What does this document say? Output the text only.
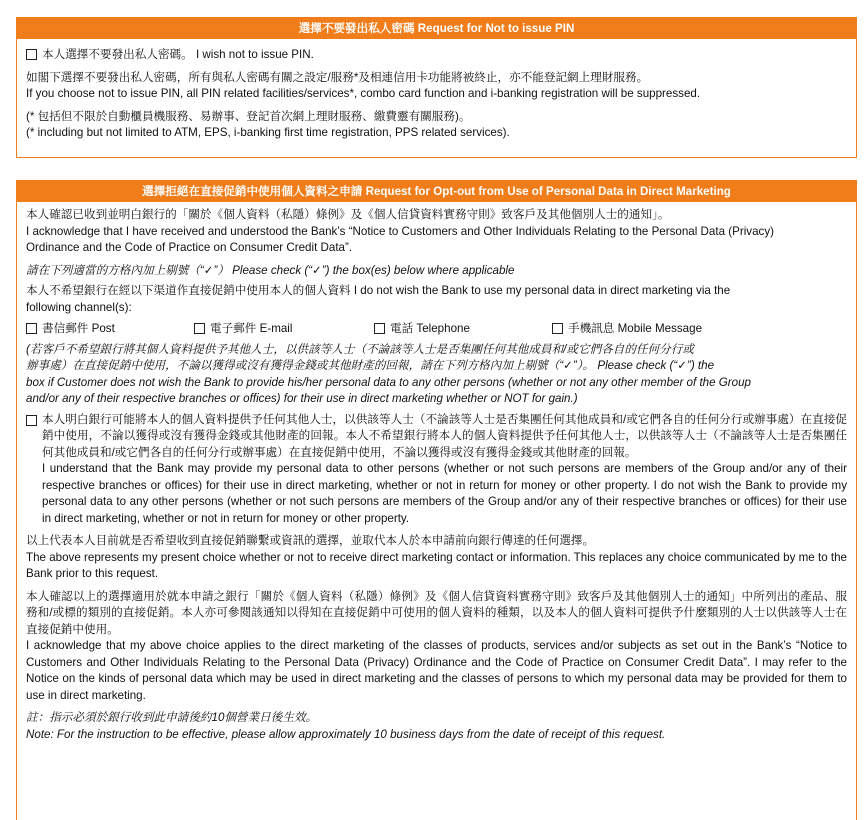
選擇不要發出私人密碼 Request for Not to issue PIN
本人選擇不要發出私人密碼。 I wish not to issue PIN.
如閣下選擇不要發出私人密碼，所有與私人密碼有關之設定/服務*及相連信用卡功能將被終止，亦不能登記網上理財服務。
If you choose not to issue PIN, all PIN related facilities/services*, combo card function and i-banking registration will be suppressed.
(* 包括但不限於自動櫃員機服務、易辦事、登記首次網上理財服務、繳費靈有關服務)。
(* including but not limited to ATM, EPS, i-banking first time registration, PPS related services).
選擇拒絕在直接促銷中使用個人資料之申請 Request for Opt-out from Use of Personal Data in Direct Marketing
本人確認已收到並明白銀行的「關於《個人資料（私隱）條例》及《個人信貸資料實務守則》致客戶及其他個別人士的通知」。
I acknowledge that I have received and understood the Bank’s “Notice to Customers and Other Individuals Relating to the Personal Data (Privacy)
Ordinance and the Code of Practice on Consumer Credit Data”.
請在下列適當的方格內加上剔號（“✓”） Please check (“✓”) the box(es) below where applicable
本人不希望銀行在經以下渠道作直接促銷中使用本人的個人資料 I do not wish the Bank to use my personal data in direct marketing via the
following channel(s):
書信郵件 Post	電子郵件 E-mail	電話 Telephone	手機訊息 Mobile Message
(若客戶不希望銀行將其個人資料提供予其他人士，以供該等人士（不論該等人士是否集團任何其他成員和/或它們各自的任何分行或
辦事處）在直接促銷中使用，不論以獲得或沒有獲得金錢或其他財產的回報，請在下列方格內加上剔號（“✓”）。 Please check (“✓”) the
box if Customer does not wish the Bank to provide his/her personal data to any other persons (whether or not any other member of the Group
and/or any of their respective branches or offices) for their use in direct marketing whether or NOT for gain.)

本人明白銀行可能將本人的個人資料提供予任何其他人士，以供該等人士（不論該等人士是否集團任何其他成員和/或它們各自的任何分行或辦事處）在直接促銷中使用，不論以獲得或沒有獲得金錢或其他財產的回報。本人不希望銀行將本人的個人資料提供予任何其他人士，以供該等人士（不論該等人士是否集團任何其他成員和/或它們各自的任何分行或辦事處）在直接促銷中使用，不論以獲得或沒有獲得金錢或其他財產的回報。

I understand that the Bank may provide my personal data to other persons (whether or not such persons are members of the Group and/or any of their respective branches or offices) for their use in direct marketing, whether or not in return for money or other property. I do not wish the Bank to provide my personal data to any other persons (whether or not such persons are members of the Group and/or any of their respective branches or offices) for their use in direct marketing, whether or not in return for money or other property.

以上代表本人目前就是否希望收到直接促銷聯繫或資訊的選擇，並取代本人於本申請前向銀行傳達的任何選擇。

The above represents my present choice whether or not to receive direct marketing contact or information. This replaces any choice communicated by me to the Bank prior to this request.

本人確認以上的選擇適用於就本申請之銀行「關於《個人資料（私隱）條例》及《個人信貸資料實務守則》致客戶及其他個別人士的通知」中所列出的產品、服務和/或標的類別的直接促銷。本人亦可參閱該通知以得知在直接促銷中可使用的個人資料的種類，以及本人的個人資料可提供予什麼類別的人士以供該等人士在直接促銷中使用。

I acknowledge that my above choice applies to the direct marketing of the classes of products, services and/or subjects as set out in the Bank’s “Notice to Customers and Other Individuals Relating to the Personal Data (Privacy) Ordinance and the Code of Practice on Consumer Credit Data”. I may refer to the Notice on the kinds of personal data which may be used in direct marketing and the classes of persons to which my personal data may be provided for them to use in direct marketing.

註：指示必須於銀行收到此申請後約10個營業日後生效。
Note: For the instruction to be effective, please allow approximately 10 business days from the date of receipt of this request.
